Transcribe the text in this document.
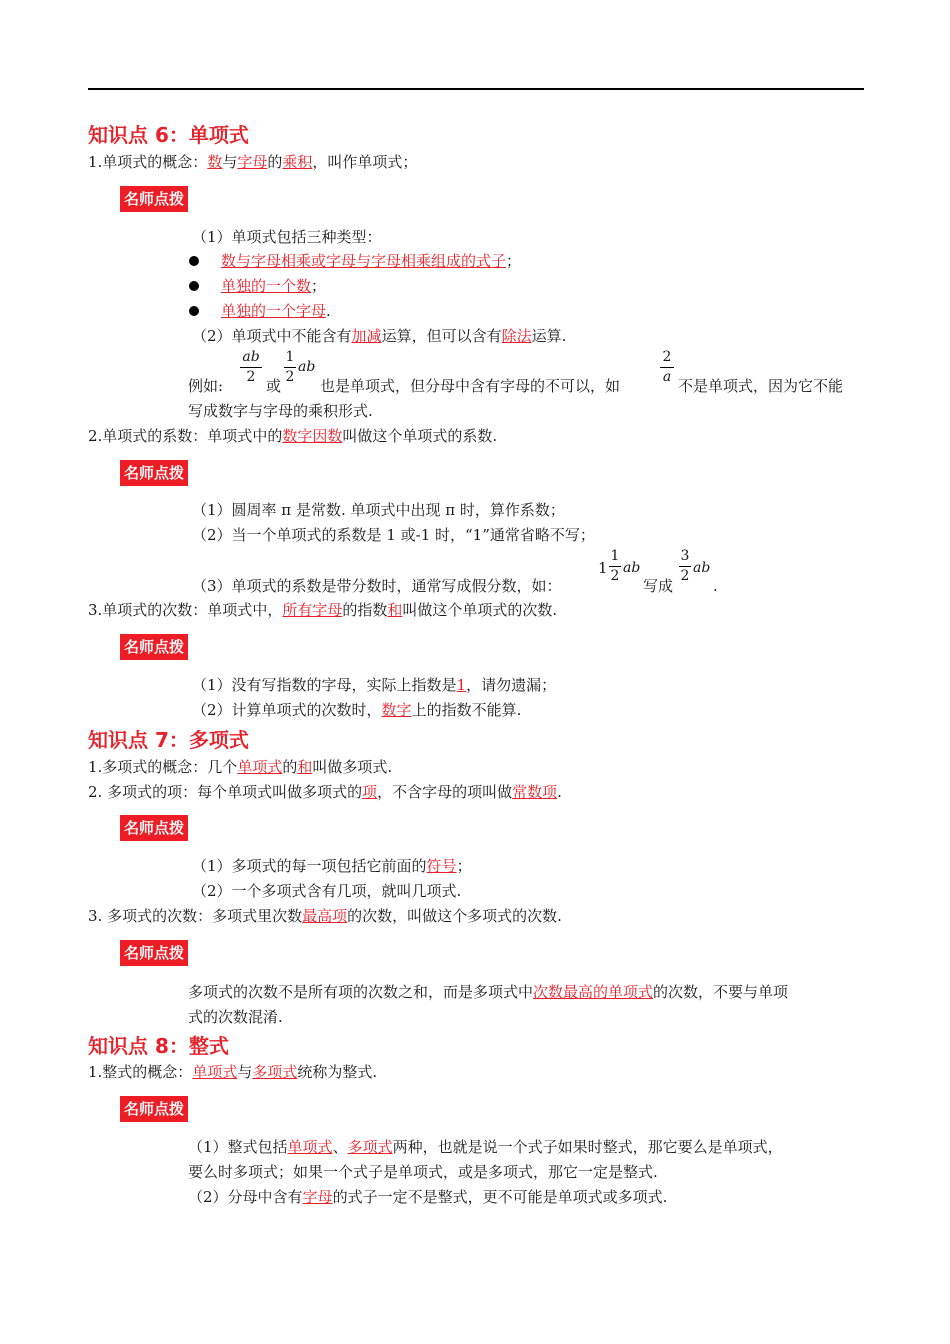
知识点 6：单项式
1.单项式的概念：数与字母的乘积，叫作单项式；
名师点拨
（1）单项式包括三种类型：
数与字母相乘或字母与字母相乘组成的式子；
单独的一个数；
单独的一个字母.
（2）单项式中不能含有加减运算，但可以含有除法运算.
例如:
ab
2 或
1
2
ab
也是单项式，但分母中含有字母的不可以，如
2
a 不是单项式，因为它不能
写成数字与字母的乘积形式.
2.单项式的系数：单项式中的数字因数叫做这个单项式的系数.
名师点拨
（1）圆周率 π 是常数. 单项式中出现 π 时，算作系数；
（2）当一个单项式的系数是 1 或-1 时，“1”通常省略不写；
（3）单项式的系数是带分数时，通常写成假分数，如：
1
1
2 ab
写成
3
2 ab
.
3.单项式的次数：单项式中，所有字母的指数和叫做这个单项式的次数.
名师点拨
（1）没有写指数的字母，实际上指数是1，请勿遗漏；
（2）计算单项式的次数时，数字上的指数不能算.
知识点 7：多项式
1.多项式的概念：几个单项式的和叫做多项式.
2. 多项式的项：每个单项式叫做多项式的项，不含字母的项叫做常数项.
名师点拨
（1）多项式的每一项包括它前面的符号；
（2）一个多项式含有几项，就叫几项式.
3. 多项式的次数：多项式里次数最高项的次数，叫做这个多项式的次数.
名师点拨
多项式的次数不是所有项的次数之和，而是多项式中次数最高的单项式的次数，不要与单项
式的次数混淆.
知识点 8：整式
1.整式的概念：单项式与多项式统称为整式.
名师点拨
（1）整式包括单项式、多项式两种，也就是说一个式子如果时整式，那它要么是单项式，
要么时多项式；如果一个式子是单项式，或是多项式，那它一定是整式.
（2）分母中含有字母的式子一定不是整式，更不可能是单项式或多项式.
